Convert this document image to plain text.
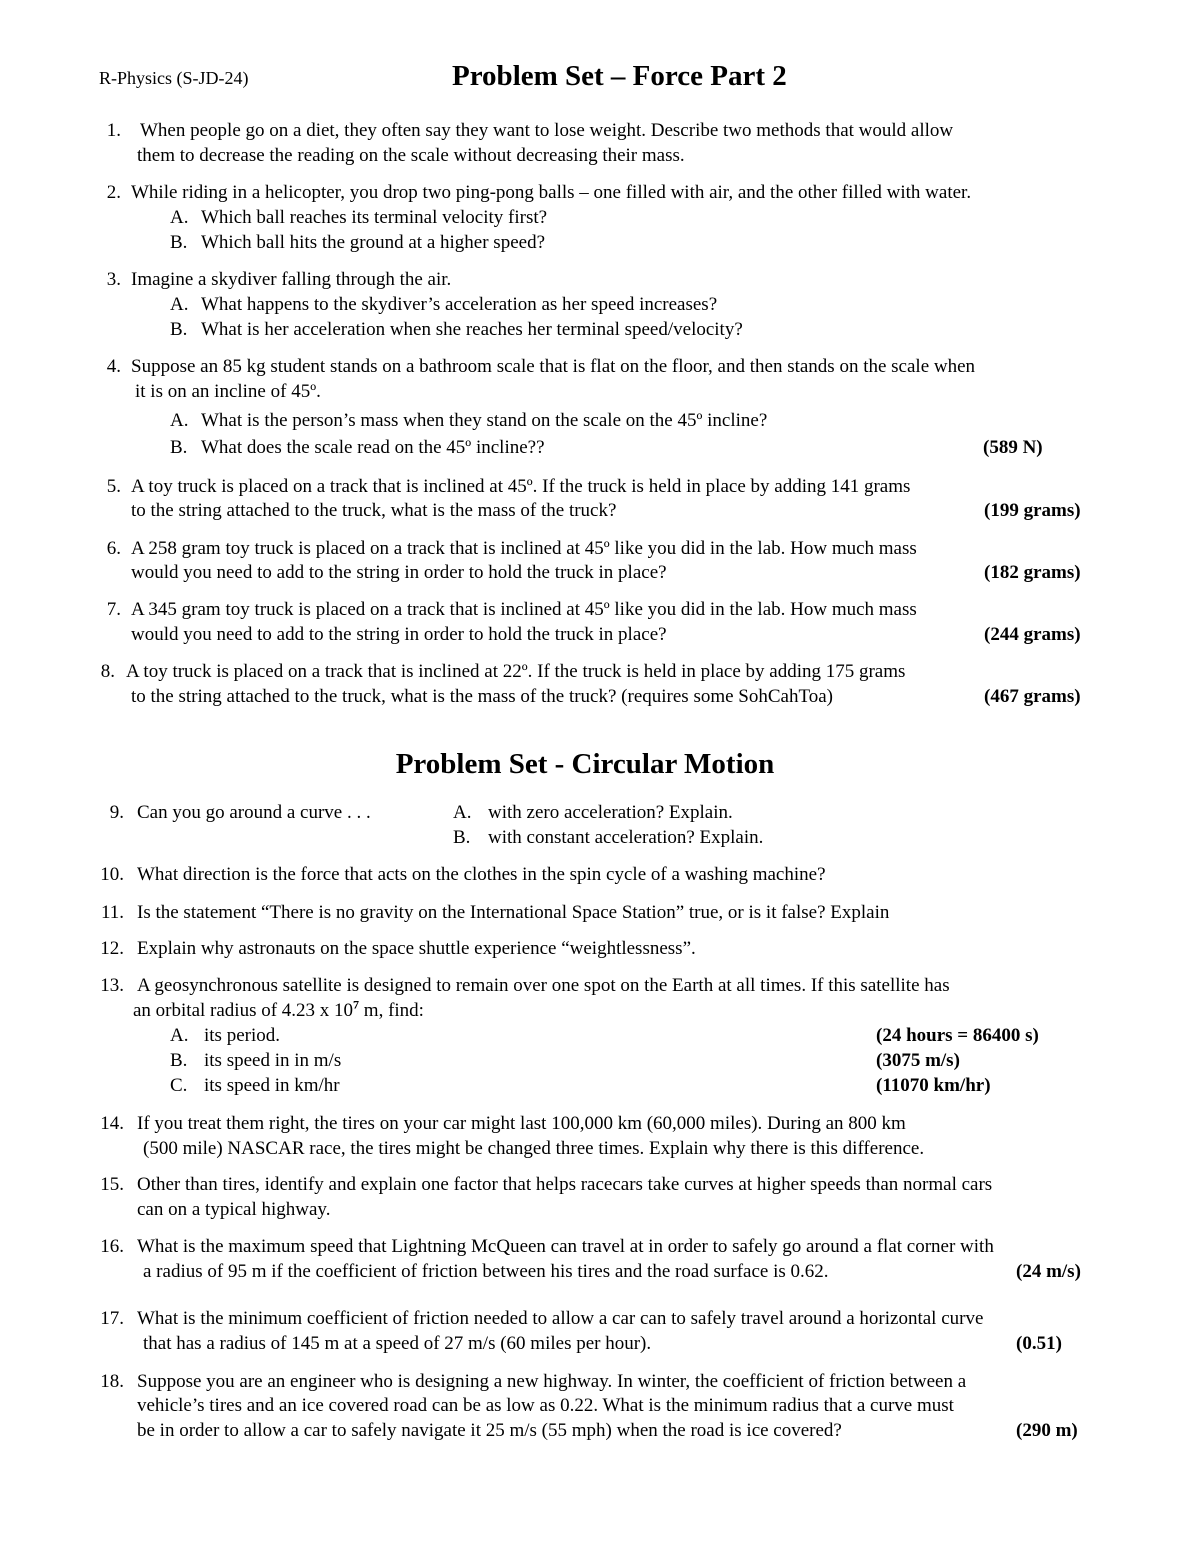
R-Physics (S-JD-24)	Problem Set – Force Part 2
1. When people go on a diet, they often say they want to lose weight. Describe two methods that would allow
them to decrease the reading on the scale without decreasing their mass.
2. While riding in a helicopter, you drop two ping-pong balls – one filled with air, and the other filled with water.
A. Which ball reaches its terminal velocity first?
B. Which ball hits the ground at a higher speed?
3. Imagine a skydiver falling through the air.
A. What happens to the skydiver’s acceleration as her speed increases?
B. What is her acceleration when she reaches her terminal speed/velocity?
4. Suppose an 85 kg student stands on a bathroom scale that is flat on the floor, and then stands on the scale when
it is on an incline of 45º.
A. What is the person’s mass when they stand on the scale on the 45º incline?
B. What does the scale read on the 45º incline??	(589 N)
5. A toy truck is placed on a track that is inclined at 45º. If the truck is held in place by adding 141 grams
to the string attached to the truck, what is the mass of the truck?	(199 grams)
6. A 258 gram toy truck is placed on a track that is inclined at 45º like you did in the lab. How much mass
would you need to add to the string in order to hold the truck in place?	(182 grams)
7. A 345 gram toy truck is placed on a track that is inclined at 45º like you did in the lab. How much mass
would you need to add to the string in order to hold the truck in place?	(244 grams)
8. A toy truck is placed on a track that is inclined at 22º. If the truck is held in place by adding 175 grams
to the string attached to the truck, what is the mass of the truck? (requires some SohCahToa)	(467 grams)
Problem Set - Circular Motion
9. Can you go around a curve . . .	A. with zero acceleration? Explain.
B. with constant acceleration? Explain.
10. What direction is the force that acts on the clothes in the spin cycle of a washing machine?
11. Is the statement “There is no gravity on the International Space Station” true, or is it false? Explain
12. Explain why astronauts on the space shuttle experience “weightlessness”.
13. A geosynchronous satellite is designed to remain over one spot on the Earth at all times. If this satellite has
an orbital radius of 4.23 x $10^7$ m, find:
A. its period.	(24 hours = 86400 s)
B. its speed in in m/s	(3075 m/s)
C. its speed in km/hr	(11070 km/hr)
14. If you treat them right, the tires on your car might last 100,000 km (60,000 miles). During an 800 km
(500 mile) NASCAR race, the tires might be changed three times. Explain why there is this difference.
15. Other than tires, identify and explain one factor that helps racecars take curves at higher speeds than normal cars
can on a typical highway.
16. What is the maximum speed that Lightning McQueen can travel at in order to safely go around a flat corner with
a radius of 95 m if the coefficient of friction between his tires and the road surface is 0.62.	(24 m/s)
17. What is the minimum coefficient of friction needed to allow a car can to safely travel around a horizontal curve
that has a radius of 145 m at a speed of 27 m/s (60 miles per hour).	(0.51)
18. Suppose you are an engineer who is designing a new highway. In winter, the coefficient of friction between a
vehicle’s tires and an ice covered road can be as low as 0.22. What is the minimum radius that a curve must
be in order to allow a car to safely navigate it 25 m/s (55 mph) when the road is ice covered?	(290 m)
